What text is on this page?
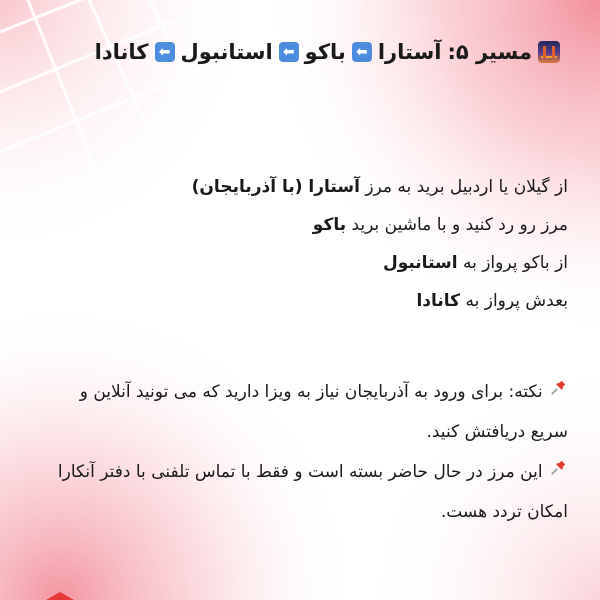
مسیر ۵:
آستارا
⬅
باکو
⬅
استانبول
⬅
کانادا

از گیلان یا اردبیل برید به مرز آستارا (با آذربایجان)

مرز رو رد کنید و با ماشین برید باکو

از باکو پرواز به استانبول

بعدش پرواز به کانادا

نکته: برای ورود به آذربایجان نیاز به ویزا دارید که می تونید آنلاین و سریع دریافتش کنید.

این مرز در حال حاضر بسته است و فقط با تماس تلفنی با دفتر آنکارا امکان تردد هست.
